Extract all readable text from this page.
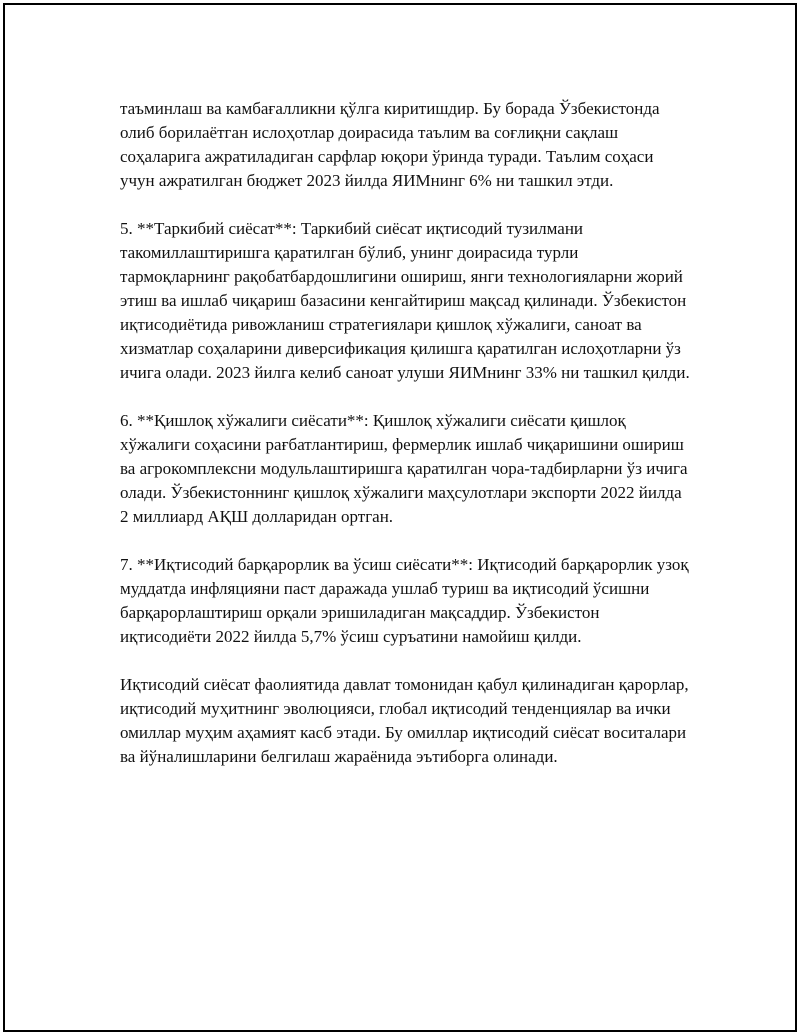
таъминлаш ва камбағалликни қўлга киритишдир. Бу борада Ўзбекистонда олиб борилаётган ислоҳотлар доирасида таълим ва соғлиқни сақлаш соҳаларига ажратиладиган сарфлар юқори ўринда туради. Таълим соҳаси учун ажратилган бюджет 2023 йилда ЯИМнинг 6% ни ташкил этди.

5. **Таркибий сиёсат**: Таркибий сиёсат иқтисодий тузилмани такомиллаштиришга қаратилган бўлиб, унинг доирасида турли тармоқларнинг рақобатбардошлигини ошириш, янги технологияларни жорий этиш ва ишлаб чиқариш базасини кенгайтириш мақсад қилинади. Ўзбекистон иқтисодиётида ривожланиш стратегиялари қишлоқ хўжалиги, саноат ва хизматлар соҳаларини диверсификация қилишга қаратилган ислоҳотларни ўз ичига олади. 2023 йилга келиб саноат улуши ЯИМнинг 33% ни ташкил қилди.

6. **Қишлоқ хўжалиги сиёсати**: Қишлоқ хўжалиги сиёсати қишлоқ хўжалиги соҳасини рағбатлантириш, фермерлик ишлаб чиқаришини ошириш ва агрокомплексни модульлаштиришга қаратилган чора-тадбирларни ўз ичига олади. Ўзбекистоннинг қишлоқ хўжалиги маҳсулотлари экспорти 2022 йилда 2 миллиард АҚШ долларидан ортган.

7. **Иқтисодий барқарорлик ва ўсиш сиёсати**: Иқтисодий барқарорлик узоқ муддатда инфляцияни паст даражада ушлаб туриш ва иқтисодий ўсишни барқарорлаштириш орқали эришиладиган мақсаддир. Ўзбекистон иқтисодиёти 2022 йилда 5,7% ўсиш суръатини намойиш қилди.

Иқтисодий сиёсат фаолиятида давлат томонидан қабул қилинадиган қарорлар, иқтисодий муҳитнинг эволюцияси, глобал иқтисодий тенденциялар ва ички омиллар муҳим аҳамият касб этади. Бу омиллар иқтисодий сиёсат воситалари ва йўналишларини белгилаш жараёнида эътиборга олинади.
